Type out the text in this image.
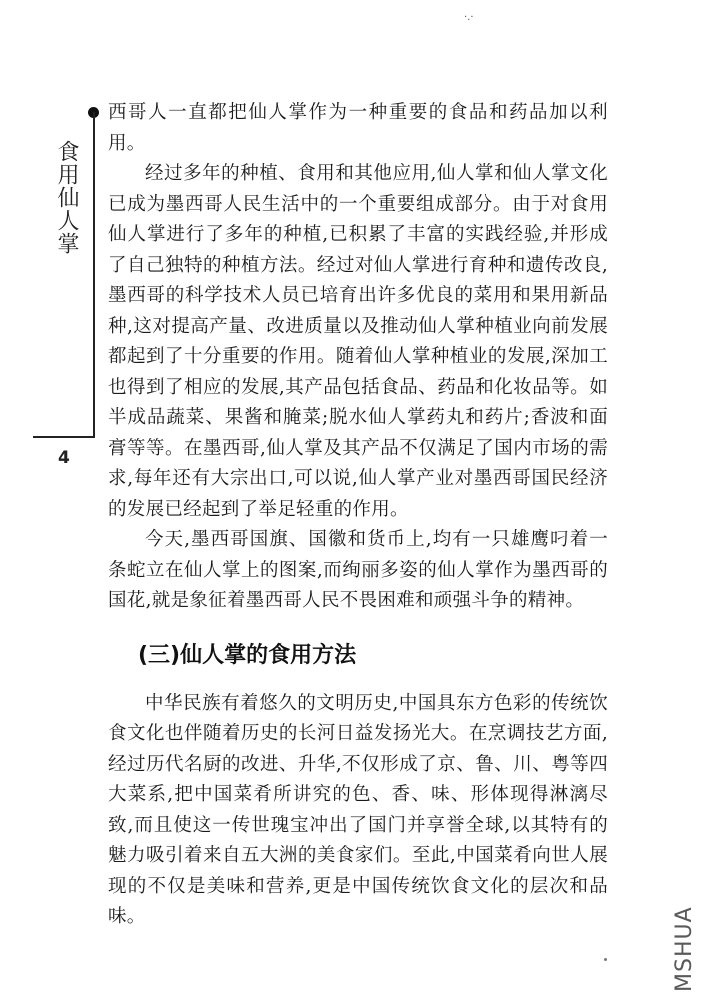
·.·
食用仙人掌
4

西哥人一直都把仙人掌作为一种重要的食品和药品加以利用。

经过多年的种植、食用和其他应用,仙人掌和仙人掌文化已成为墨西哥人民生活中的一个重要组成部分。由于对食用仙人掌进行了多年的种植,已积累了丰富的实践经验,并形成了自己独特的种植方法。经过对仙人掌进行育种和遗传改良,墨西哥的科学技术人员已培育出许多优良的菜用和果用新品种,这对提高产量、改进质量以及推动仙人掌种植业向前发展都起到了十分重要的作用。随着仙人掌种植业的发展,深加工也得到了相应的发展,其产品包括食品、药品和化妆品等。如半成品蔬菜、果酱和腌菜;脱水仙人掌药丸和药片;香波和面膏等等。在墨西哥,仙人掌及其产品不仅满足了国内市场的需求,每年还有大宗出口,可以说,仙人掌产业对墨西哥国民经济的发展已经起到了举足轻重的作用。

今天,墨西哥国旗、国徽和货币上,均有一只雄鹰叼着一条蛇立在仙人掌上的图案,而绚丽多姿的仙人掌作为墨西哥的国花,就是象征着墨西哥人民不畏困难和顽强斗争的精神。

(三)仙人掌的食用方法

中华民族有着悠久的文明历史,中国具东方色彩的传统饮食文化也伴随着历史的长河日益发扬光大。在烹调技艺方面,经过历代名厨的改进、升华,不仅形成了京、鲁、川、粤等四大菜系,把中国菜肴所讲究的色、香、味、形体现得淋漓尽致,而且使这一传世瑰宝冲出了国门并享誉全球,以其特有的魅力吸引着来自五大洲的美食家们。至此,中国菜肴向世人展现的不仅是美味和营养,更是中国传统饮食文化的层次和品味。	MSHUA
